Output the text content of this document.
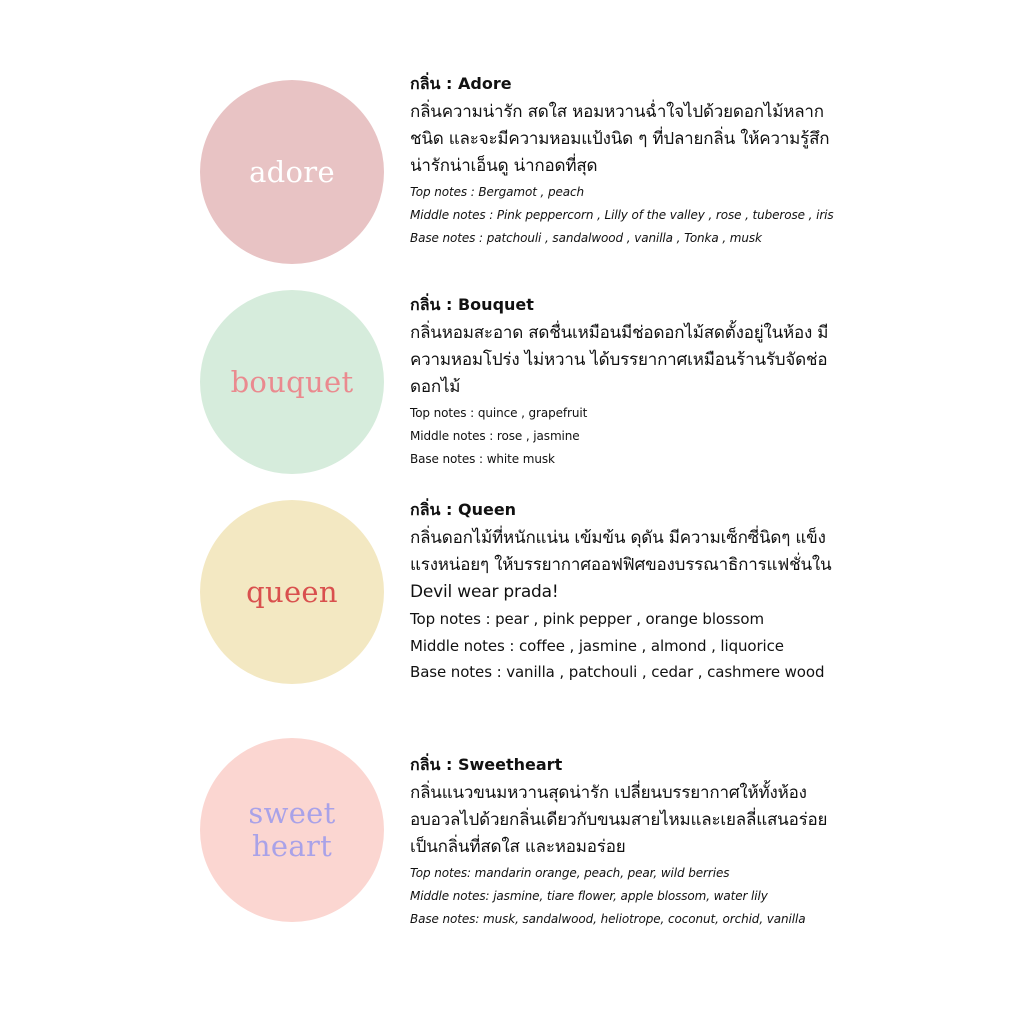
adore

กลิ่น : Adore

กลิ่นความน่ารัก สดใส หอมหวานฉ่ำใจไปด้วยดอกไม้หลากชนิด และจะมีความหอมแป้งนิด ๆ ที่ปลายกลิ่น ให้ความรู้สึกน่ารักน่าเอ็นดู น่ากอดที่สุด

Top notes : Bergamot , peach
Middle notes : Pink peppercorn , Lilly of the valley , rose , tuberose , iris
Base notes : patchouli , sandalwood , vanilla , Tonka , musk
bouquet

กลิ่น : Bouquet

กลิ่นหอมสะอาด สดชื่นเหมือนมีช่อดอกไม้สดตั้งอยู่ในห้อง มีความหอมโปร่ง ไม่หวาน ได้บรรยากาศเหมือนร้านรับจัดช่อดอกไม้

Top notes : quince , grapefruit
Middle notes : rose , jasmine
Base notes : white musk
queen

กลิ่น : Queen

กลิ่นดอกไม้ที่หนักแน่น เข้มข้น ดุดัน มีความเซ็กซี่นิดๆ แข็งแรงหน่อยๆ ให้บรรยากาศออฟฟิศของบรรณาธิการแฟชั่นใน Devil wear prada!

Top notes : pear , pink pepper , orange blossom
Middle notes : coffee , jasmine , almond , liquorice
Base notes : vanilla , patchouli , cedar , cashmere wood
sweet
heart

กลิ่น : Sweetheart

กลิ่นแนวขนมหวานสุดน่ารัก เปลี่ยนบรรยากาศให้ทั้งห้องอบอวลไปด้วยกลิ่นเดียวกับขนมสายไหมและเยลลี่แสนอร่อย เป็นกลิ่นที่สดใส และหอมอร่อย

Top notes: mandarin orange, peach, pear, wild berries
Middle notes: jasmine, tiare flower, apple blossom, water lily
Base notes: musk, sandalwood, heliotrope, coconut, orchid, vanilla
